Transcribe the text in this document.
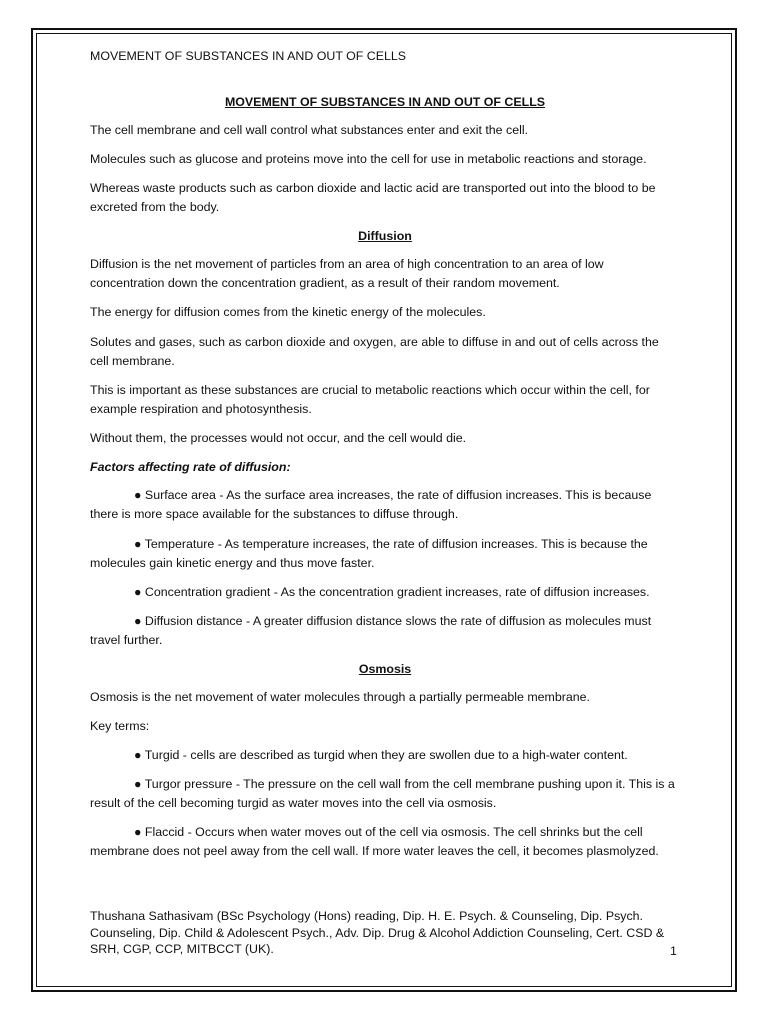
MOVEMENT OF SUBSTANCES IN AND OUT OF CELLS

MOVEMENT OF SUBSTANCES IN AND OUT OF CELLS

The cell membrane and cell wall control what substances enter and exit the cell.

Molecules such as glucose and proteins move into the cell for use in metabolic reactions and storage.

Whereas waste products such as carbon dioxide and lactic acid are transported out into the blood to be excreted from the body.

Diffusion

Diffusion is the net movement of particles from an area of high concentration to an area of low concentration down the concentration gradient, as a result of their random movement.

The energy for diffusion comes from the kinetic energy of the molecules.

Solutes and gases, such as carbon dioxide and oxygen, are able to diffuse in and out of cells across the cell membrane.

This is important as these substances are crucial to metabolic reactions which occur within the cell, for example respiration and photosynthesis.

Without them, the processes would not occur, and the cell would die.

Factors affecting rate of diffusion:

● Surface area - As the surface area increases, the rate of diffusion increases. This is because there is more space available for the substances to diffuse through.

● Temperature - As temperature increases, the rate of diffusion increases. This is because the molecules gain kinetic energy and thus move faster.

● Concentration gradient - As the concentration gradient increases, rate of diffusion increases.

● Diffusion distance - A greater diffusion distance slows the rate of diffusion as molecules must travel further.

Osmosis

Osmosis is the net movement of water molecules through a partially permeable membrane.

Key terms:

● Turgid - cells are described as turgid when they are swollen due to a high-water content.

● Turgor pressure - The pressure on the cell wall from the cell membrane pushing upon it. This is a result of the cell becoming turgid as water moves into the cell via osmosis.

● Flaccid - Occurs when water moves out of the cell via osmosis. The cell shrinks but the cell membrane does not peel away from the cell wall. If more water leaves the cell, it becomes plasmolyzed.

Thushana Sathasivam (BSc Psychology (Hons) reading, Dip. H. E. Psych. & Counseling, Dip. Psych. Counseling, Dip. Child & Adolescent Psych., Adv. Dip. Drug & Alcohol Addiction Counseling, Cert. CSD & SRH, CGP, CCP, MITBCCT (UK).	1
